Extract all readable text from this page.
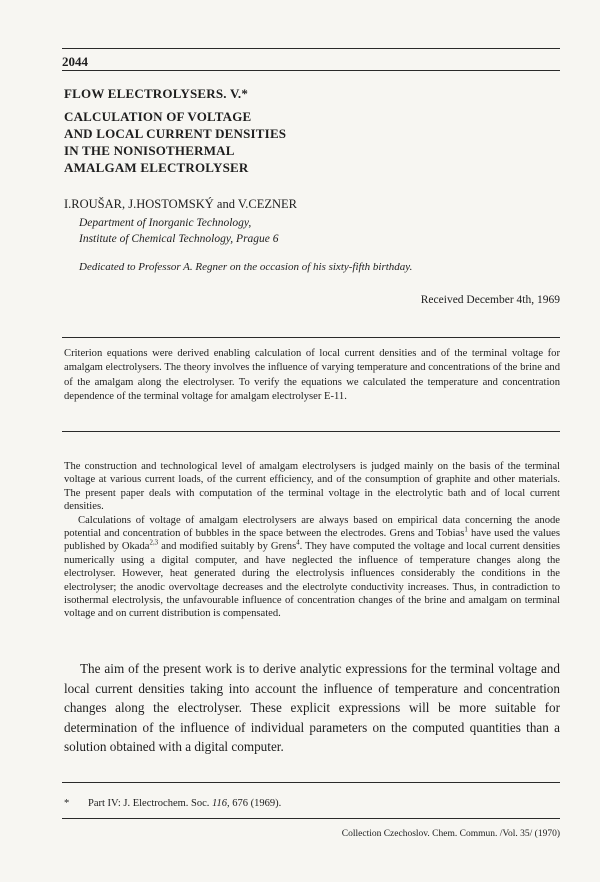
2044
FLOW ELECTROLYSERS. V.*
CALCULATION OF VOLTAGE
AND LOCAL CURRENT DENSITIES
IN THE NONISOTHERMAL
AMALGAM ELECTROLYSER
I.ROUŠAR, J.HOSTOMSKÝ and V.CEZNER
Department of Inorganic Technology,
Institute of Chemical Technology, Prague 6
Dedicated to Professor A. Regner on the occasion of his sixty-fifth birthday.
Received December 4th, 1969
Criterion equations were derived enabling calculation of local current densities and of the terminal voltage for amalgam electrolysers. The theory involves the influence of varying temperature and concentrations of the brine and of the amalgam along the electrolyser. To verify the equations we calculated the temperature and concentration dependence of the terminal voltage for amalgam electrolyser E-11.

The construction and technological level of amalgam electrolysers is judged mainly on the basis of the terminal voltage at various current loads, of the current efficiency, and of the consumption of graphite and other materials. The present paper deals with computation of the terminal voltage in the electrolytic bath and of local current densities.

Calculations of voltage of amalgam electrolysers are always based on empirical data concerning the anode potential and concentration of bubbles in the space between the electrodes. Grens and Tobias$^1$ have used the values published by Okada$^{2,3}$ and modified suitably by Grens$^4$. They have computed the voltage and local current densities numerically using a digital computer, and have neglected the influence of temperature changes along the electrolyser. However, heat generated during the electrolysis influences considerably the conditions in the electrolyser; the anodic overvoltage decreases and the electrolyte conductivity increases. Thus, in contradiction to isothermal electrolysis, the unfavourable influence of concentration changes of the brine and amalgam on terminal voltage and on current distribution is compensated.

The aim of the present work is to derive analytic expressions for the terminal voltage and local current densities taking into account the influence of temperature and concentration changes along the electrolyser. These explicit expressions will be more suitable for determination of the influence of individual parameters on the computed quantities than a solution obtained with a digital computer.
* Part IV: J. Electrochem. Soc. 116, 676 (1969).
Collection Czechoslov. Chem. Commun. /Vol. 35/ (1970)
